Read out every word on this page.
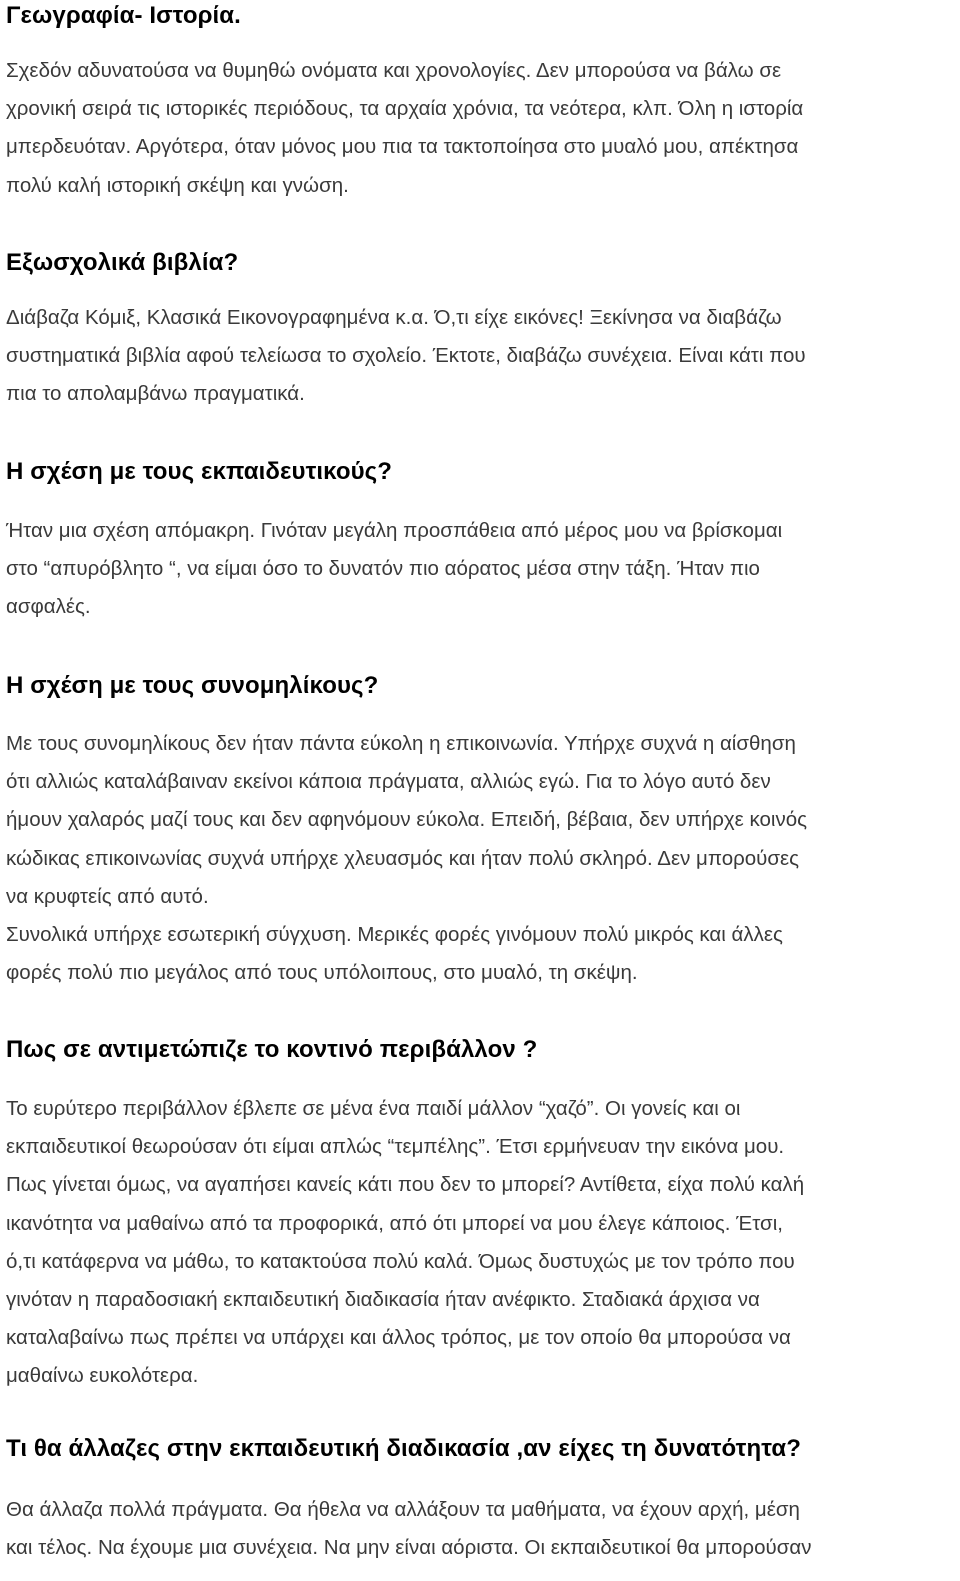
Γεωγραφία- Ιστορία.
Σχεδόν αδυνατούσα να θυμηθώ ονόματα και χρονολογίες. Δεν μπορούσα να βάλω σε
χρονική σειρά τις ιστορικές περιόδους, τα αρχαία χρόνια, τα νεότερα, κλπ. Όλη η ιστορία
μπερδευόταν. Αργότερα, όταν μόνος μου πια τα τακτοποίησα στο μυαλό μου, απέκτησα
πολύ καλή ιστορική σκέψη και γνώση.
Εξωσχολικά βιβλία?
Διάβαζα Κόμιξ, Κλασικά Εικονογραφημένα κ.α. Ό,τι είχε εικόνες! Ξεκίνησα να διαβάζω
συστηματικά βιβλία αφού τελείωσα το σχολείο. Έκτοτε, διαβάζω συνέχεια. Είναι κάτι που
πια το απολαμβάνω πραγματικά.
Η σχέση με τους εκπαιδευτικούς?
Ήταν μια σχέση απόμακρη. Γινόταν μεγάλη προσπάθεια από μέρος μου να βρίσκομαι
στο “απυρόβλητο “, να είμαι όσο το δυνατόν πιο αόρατος μέσα στην τάξη. Ήταν πιο
ασφαλές.
Η σχέση με τους συνομηλίκους?
Με τους συνομηλίκους δεν ήταν πάντα εύκολη η επικοινωνία. Υπήρχε συχνά η αίσθηση
ότι αλλιώς καταλάβαιναν εκείνοι κάποια πράγματα, αλλιώς εγώ. Για το λόγο αυτό δεν
ήμουν χαλαρός μαζί τους και δεν αφηνόμουν εύκολα. Επειδή, βέβαια, δεν υπήρχε κοινός
κώδικας επικοινωνίας συχνά υπήρχε χλευασμός και ήταν πολύ σκληρό. Δεν μπορούσες
να κρυφτείς από αυτό.
Συνολικά υπήρχε εσωτερική σύγχυση. Μερικές φορές γινόμουν πολύ μικρός και άλλες
φορές πολύ πιο μεγάλος από τους υπόλοιπους, στο μυαλό, τη σκέψη.
Πως σε αντιμετώπιζε το κοντινό περιβάλλον ?
Το ευρύτερο περιβάλλον έβλεπε σε μένα ένα παιδί μάλλον “χαζό”. Οι γονείς και οι
εκπαιδευτικοί θεωρούσαν ότι είμαι απλώς “τεμπέλης”. Έτσι ερμήνευαν την εικόνα μου.
Πως γίνεται όμως, να αγαπήσει κανείς κάτι που δεν το μπορεί? Αντίθετα, είχα πολύ καλή
ικανότητα να μαθαίνω από τα προφορικά, από ότι μπορεί να μου έλεγε κάποιος. Έτσι,
ό,τι κατάφερνα να μάθω, το κατακτούσα πολύ καλά. Όμως δυστυχώς με τον τρόπο που
γινόταν η παραδοσιακή εκπαιδευτική διαδικασία ήταν ανέφικτο. Σταδιακά άρχισα να
καταλαβαίνω πως πρέπει να υπάρχει και άλλος τρόπος, με τον οποίο θα μπορούσα να
μαθαίνω ευκολότερα.
Τι θα άλλαζες στην εκπαιδευτική διαδικασία ,αν είχες τη δυνατότητα?
Θα άλλαζα πολλά πράγματα. Θα ήθελα να αλλάξουν τα μαθήματα, να έχουν αρχή, μέση
και τέλος. Να έχουμε μια συνέχεια. Να μην είναι αόριστα. Οι εκπαιδευτικοί θα μπορούσαν
